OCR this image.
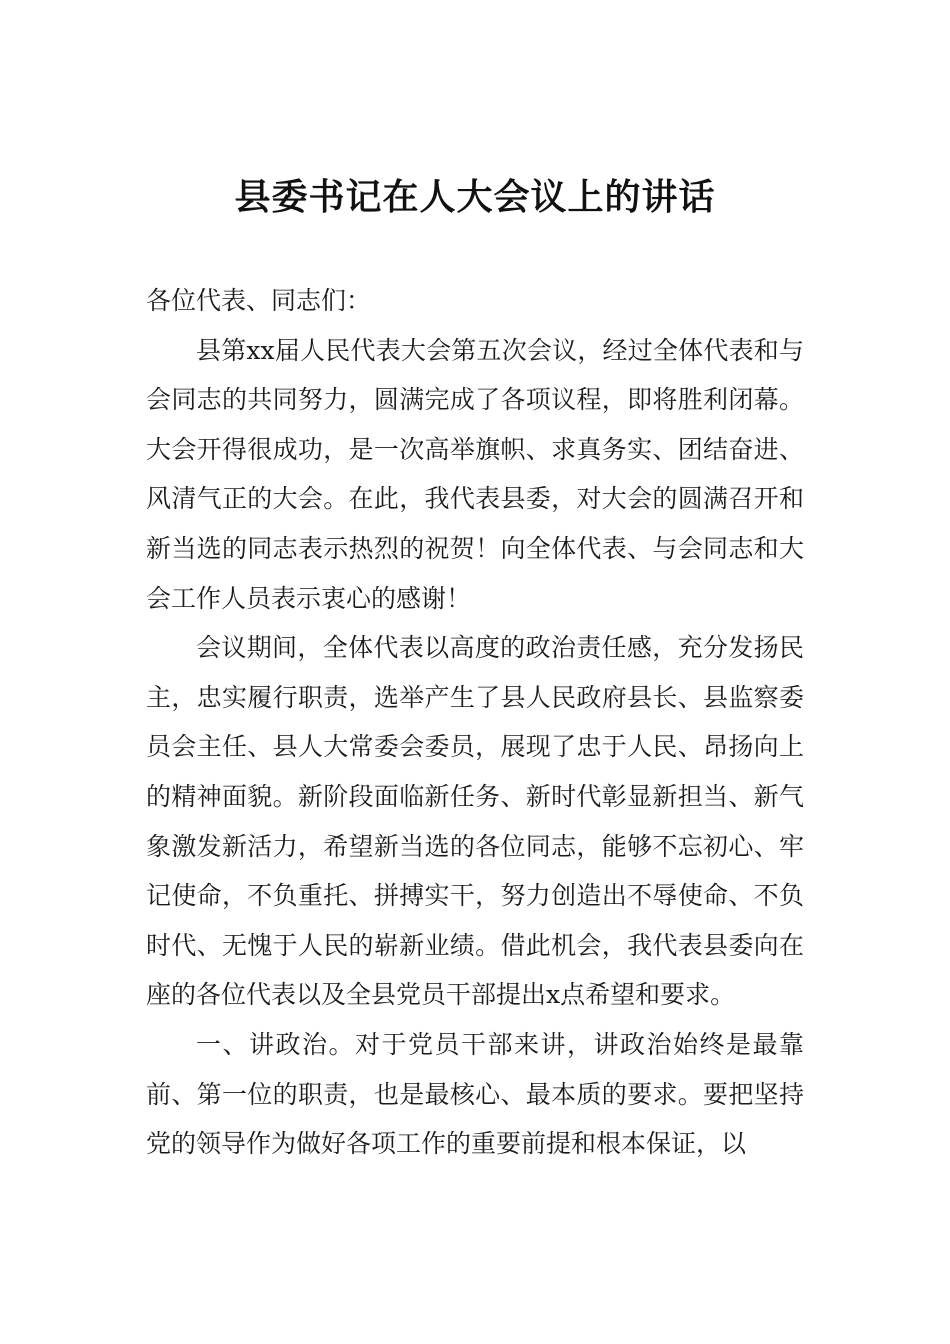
县委书记在人大会议上的讲话

各位代表、同志们：

县第xx届人民代表大会第五次会议，经过全体代表和与会同志的共同努力，圆满完成了各项议程，即将胜利闭幕。大会开得很成功，是一次高举旗帜、求真务实、团结奋进、风清气正的大会。在此，我代表县委，对大会的圆满召开和新当选的同志表示热烈的祝贺！向全体代表、与会同志和大会工作人员表示衷心的感谢！

会议期间，全体代表以高度的政治责任感，充分发扬民主，忠实履行职责，选举产生了县人民政府县长、县监察委员会主任、县人大常委会委员，展现了忠于人民、昂扬向上的精神面貌。新阶段面临新任务、新时代彰显新担当、新气象激发新活力，希望新当选的各位同志，能够不忘初心、牢记使命，不负重托、拼搏实干，努力创造出不辱使命、不负时代、无愧于人民的崭新业绩。借此机会，我代表县委向在座的各位代表以及全县党员干部提出x点希望和要求。

一、讲政治。对于党员干部来讲，讲政治始终是最靠前、第一位的职责，也是最核心、最本质的要求。要把坚持党的领导作为做好各项工作的重要前提和根本保证，以
